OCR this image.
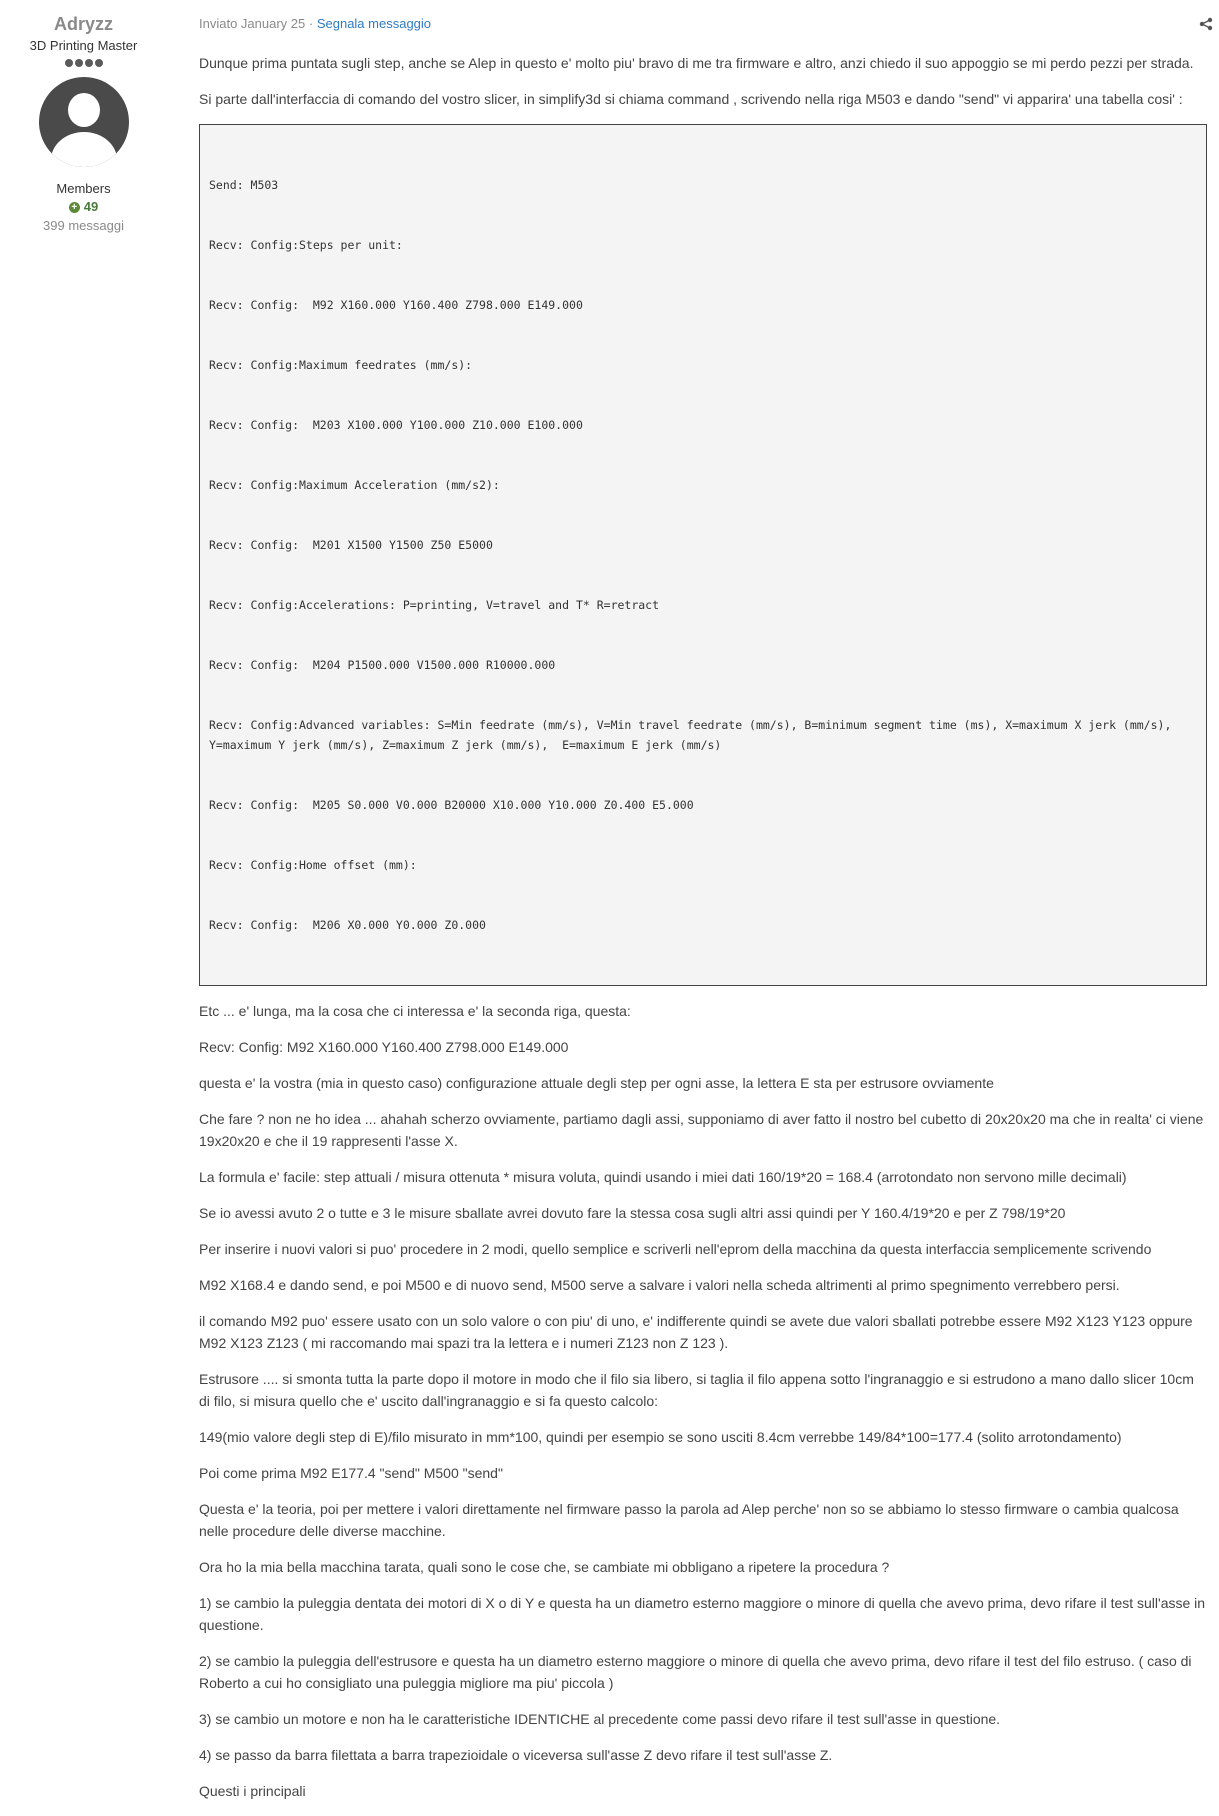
Adryzz
3D Printing Master
Members
+ 49
399 messaggi
Inviato January 25 · Segnala messaggio

Dunque prima puntata sugli step, anche se Alep in questo e' molto piu' bravo di me tra firmware e altro, anzi chiedo il suo appoggio se mi perdo pezzi per strada.

Si parte dall'interfaccia di comando del vostro slicer, in simplify3d si chiama command , scrivendo nella riga M503 e dando "send" vi apparira' una tabella cosi' :

Send: M503

Recv: Config:Steps per unit:

Recv: Config:  M92 X160.000 Y160.400 Z798.000 E149.000

Recv: Config:Maximum feedrates (mm/s):

Recv: Config:  M203 X100.000 Y100.000 Z10.000 E100.000

Recv: Config:Maximum Acceleration (mm/s2):

Recv: Config:  M201 X1500 Y1500 Z50 E5000

Recv: Config:Accelerations: P=printing, V=travel and T* R=retract

Recv: Config:  M204 P1500.000 V1500.000 R10000.000

Recv: Config:Advanced variables: S=Min feedrate (mm/s), V=Min travel feedrate (mm/s), B=minimum segment time (ms), X=maximum X jerk (mm/s), Y=maximum Y jerk (mm/s), Z=maximum Z jerk (mm/s),  E=maximum E jerk (mm/s)

Recv: Config:  M205 S0.000 V0.000 B20000 X10.000 Y10.000 Z0.400 E5.000

Recv: Config:Home offset (mm):

Recv: Config:  M206 X0.000 Y0.000 Z0.000

Etc ... e' lunga, ma la cosa che ci interessa e' la seconda riga, questa:

Recv: Config: M92 X160.000 Y160.400 Z798.000 E149.000

questa e' la vostra (mia in questo caso) configurazione attuale degli step per ogni asse, la lettera E sta per estrusore ovviamente

Che fare ? non ne ho idea ... ahahah scherzo ovviamente, partiamo dagli assi, supponiamo di aver fatto il nostro bel cubetto di 20x20x20 ma che in realta' ci viene 19x20x20 e che il 19 rappresenti l'asse X.

La formula e' facile: step attuali / misura ottenuta * misura voluta, quindi usando i miei dati 160/19*20 = 168.4 (arrotondato non servono mille decimali)

Se io avessi avuto 2 o tutte e 3 le misure sballate avrei dovuto fare la stessa cosa sugli altri assi quindi per Y 160.4/19*20 e per Z 798/19*20

Per inserire i nuovi valori si puo' procedere in 2 modi, quello semplice e scriverli nell'eprom della macchina da questa interfaccia semplicemente scrivendo

M92 X168.4 e dando send, e poi M500 e di nuovo send, M500 serve a salvare i valori nella scheda altrimenti al primo spegnimento verrebbero persi.

il comando M92 puo' essere usato con un solo valore o con piu' di uno, e' indifferente quindi se avete due valori sballati potrebbe essere M92 X123 Y123 oppure M92 X123 Z123 ( mi raccomando mai spazi tra la lettera e i numeri Z123 non Z 123 ).

Estrusore .... si smonta tutta la parte dopo il motore in modo che il filo sia libero, si taglia il filo appena sotto l'ingranaggio e si estrudono a mano dallo slicer 10cm di filo, si misura quello che e' uscito dall'ingranaggio e si fa questo calcolo:

149(mio valore degli step di E)/filo misurato in mm*100, quindi per esempio se sono usciti 8.4cm verrebbe 149/84*100=177.4 (solito arrotondamento)

Poi come prima M92 E177.4 "send" M500 "send"

Questa e' la teoria, poi per mettere i valori direttamente nel firmware passo la parola ad Alep perche' non so se abbiamo lo stesso firmware o cambia qualcosa nelle procedure delle diverse macchine.

Ora ho la mia bella macchina tarata, quali sono le cose che, se cambiate mi obbligano a ripetere la procedura ?

1) se cambio la puleggia dentata dei motori di X o di Y e questa ha un diametro esterno maggiore o minore di quella che avevo prima, devo rifare il test sull'asse in questione.

2) se cambio la puleggia dell'estrusore e questa ha un diametro esterno maggiore o minore di quella che avevo prima, devo rifare il test del filo estruso. ( caso di Roberto a cui ho consigliato una puleggia migliore ma piu' piccola )

3) se cambio un motore e non ha le caratteristiche IDENTICHE al precedente come passi devo rifare il test sull'asse in questione.

4) se passo da barra filettata a barra trapezioidale o viceversa sull'asse Z devo rifare il test sull'asse Z.

Questi i principali
